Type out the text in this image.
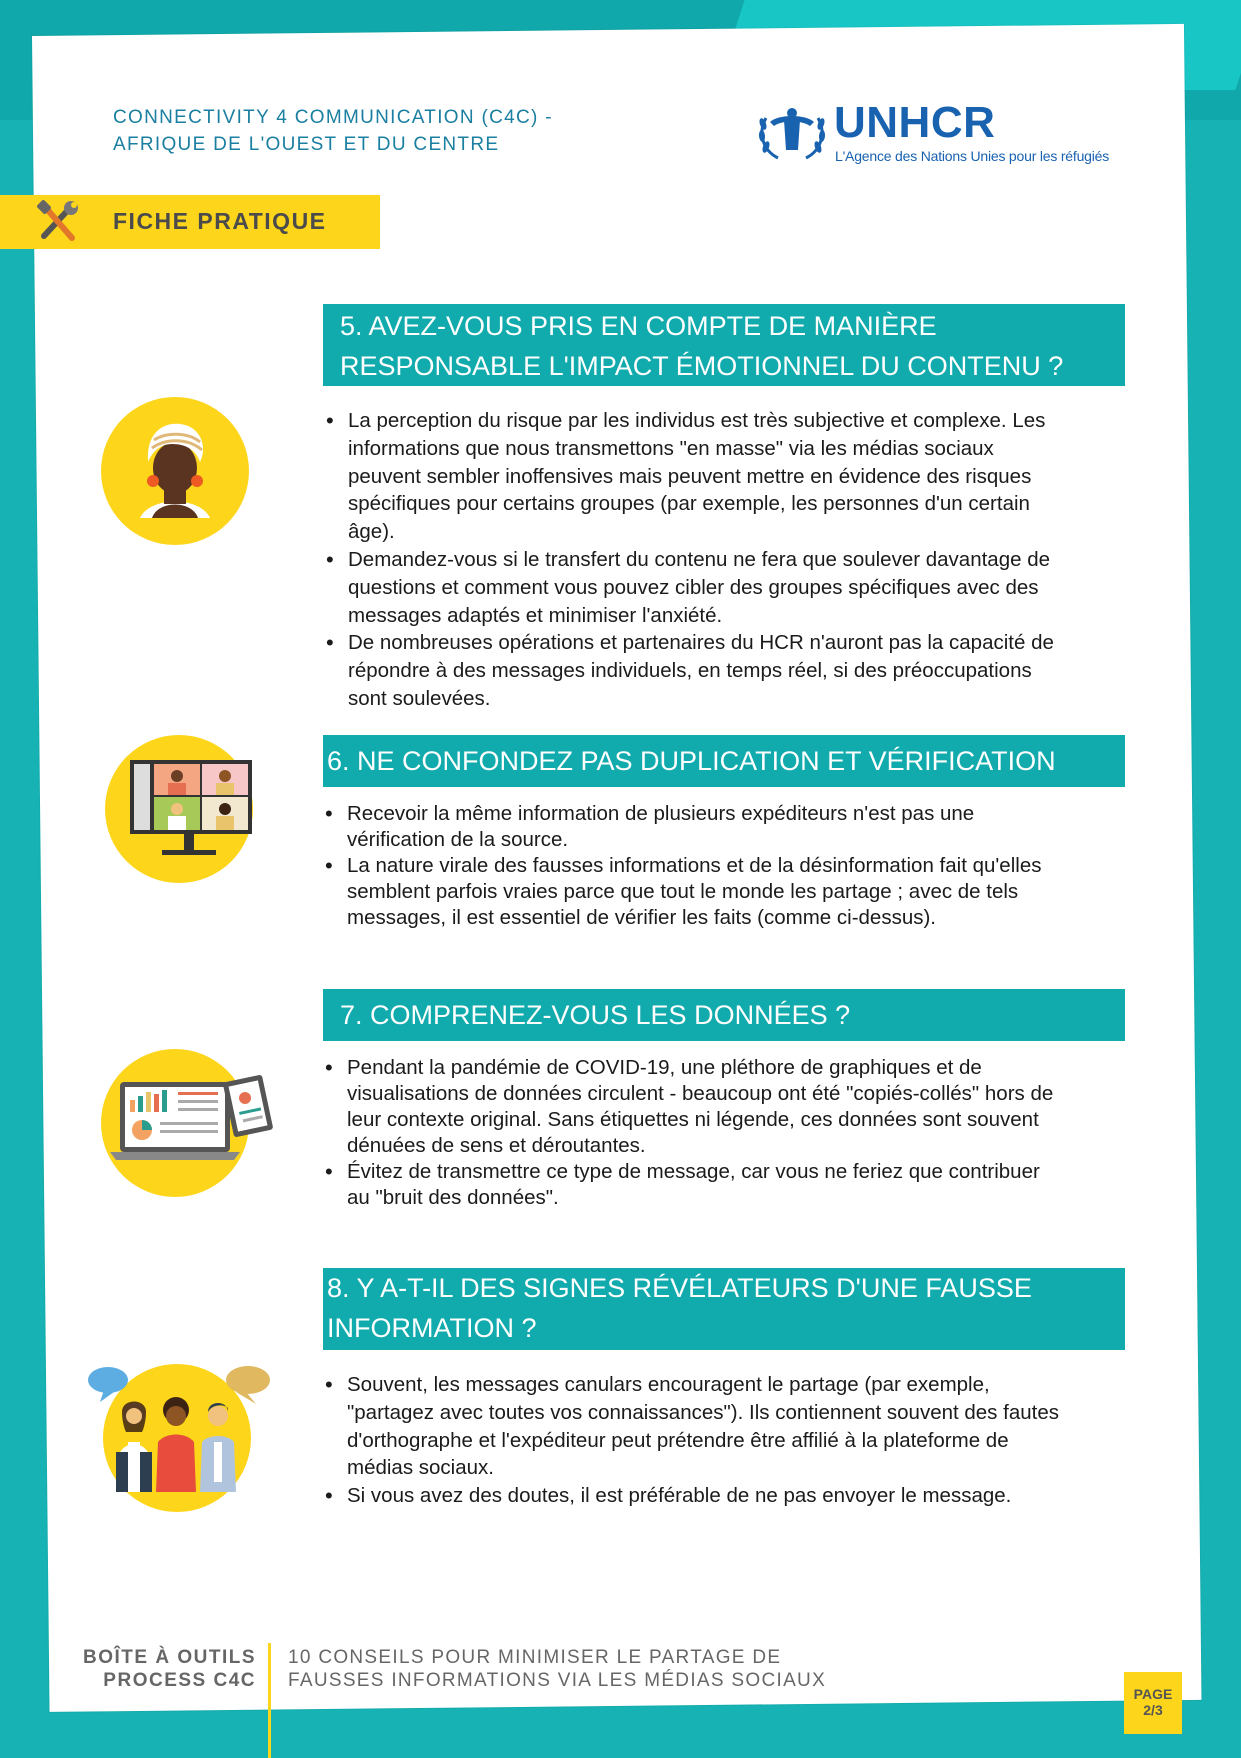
CONNECTIVITY 4 COMMUNICATION (C4C) -
AFRIQUE DE L'OUEST ET DU CENTRE	UNHCR
L'Agence des Nations Unies pour les réfugiés
FICHE PRATIQUE
5. AVEZ-VOUS PRIS EN COMPTE DE MANIÈRE
RESPONSABLE L'IMPACT ÉMOTIONNEL DU CONTENU ?
• La perception du risque par les individus est très subjective et complexe. Les
informations que nous transmettons "en masse" via les médias sociaux
peuvent sembler inoffensives mais peuvent mettre en évidence des risques
spécifiques pour certains groupes (par exemple, les personnes d'un certain
âge).
• Demandez-vous si le transfert du contenu ne fera que soulever davantage de
questions et comment vous pouvez cibler des groupes spécifiques avec des
messages adaptés et minimiser l'anxiété.
• De nombreuses opérations et partenaires du HCR n'auront pas la capacité de
répondre à des messages individuels, en temps réel, si des préoccupations
sont soulevées.
6. NE CONFONDEZ PAS DUPLICATION ET VÉRIFICATION
• Recevoir la même information de plusieurs expéditeurs n'est pas une
vérification de la source.
• La nature virale des fausses informations et de la désinformation fait qu'elles
semblent parfois vraies parce que tout le monde les partage ; avec de tels
messages, il est essentiel de vérifier les faits (comme ci-dessus).
7. COMPRENEZ-VOUS LES DONNÉES ?
• Pendant la pandémie de COVID-19, une pléthore de graphiques et de
visualisations de données circulent - beaucoup ont été "copiés-collés" hors de
leur contexte original. Sans étiquettes ni légende, ces données sont souvent
dénuées de sens et déroutantes.
• Évitez de transmettre ce type de message, car vous ne feriez que contribuer
au "bruit des données".
8. Y A-T-IL DES SIGNES RÉVÉLATEURS D'UNE FAUSSE
INFORMATION ?
• Souvent, les messages canulars encouragent le partage (par exemple,
"partagez avec toutes vos connaissances"). Ils contiennent souvent des fautes
d'orthographe et l'expéditeur peut prétendre être affilié à la plateforme de
médias sociaux.
• Si vous avez des doutes, il est préférable de ne pas envoyer le message.
BOÎTE À OUTILS
PROCESS C4C
10 CONSEILS POUR MINIMISER LE PARTAGE DE
FAUSSES INFORMATIONS VIA LES MÉDIAS SOCIAUX
PAGE
2/3
